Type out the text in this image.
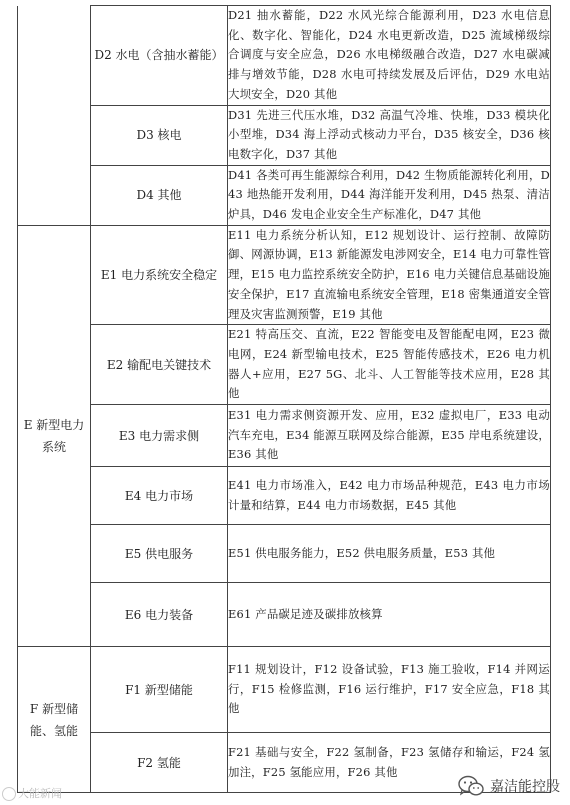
	D2 水电（含抽水蓄能）	D21 抽水蓄能，D22 水风光综合能源利用，D23 水电信息化、数字化、智能化，D24 水电更新改造，D25 流域梯级综合调度与安全应急，D26 水电梯级融合改造，D27 水电碳减排与增效节能，D28 水电可持续发展及后评估，D29 水电站大坝安全，D20 其他
	D3 核电	D31 先进三代压水堆，D32 高温气冷堆、快堆，D33 模块化小型堆，D34 海上浮动式核动力平台，D35 核安全，D36 核电数字化，D37 其他
	D4 其他	D41 各类可再生能源综合利用，D42 生物质能源转化利用，D43 地热能开发利用，D44 海洋能开发利用，D45 热泵、清洁炉具，D46 发电企业安全生产标准化，D47 其他
E 新型电力系统	E1 电力系统安全稳定	E11 电力系统分析认知，E12 规划设计、运行控制、故障防御、网源协调，E13 新能源发电涉网安全，E14 电力可靠性管理，E15 电力监控系统安全防护，E16 电力关键信息基础设施安全保护，E17 直流输电系统安全管理，E18 密集通道安全管理及灾害监测预警，E19 其他
	E2 输配电关键技术	E21 特高压交、直流，E22 智能变电及智能配电网，E23 微电网，E24 新型输电技术，E25 智能传感技术，E26 电力机器人+应用，E27 5G、北斗、人工智能等技术应用，E28 其他
	E3 电力需求侧	E31 电力需求侧资源开发、应用，E32 虚拟电厂，E33 电动汽车充电，E34 能源互联网及综合能源，E35 岸电系统建设，E36 其他
	E4 电力市场	E41 电力市场准入，E42 电力市场品种规范，E43 电力市场计量和结算，E44 电力市场数据，E45 其他
	E5 供电服务	E51 供电服务能力，E52 供电服务质量，E53 其他
	E6 电力装备	E61 产品碳足迹及碳排放核算
F 新型储能、氢能	F1 新型储能	F11 规划设计，F12 设备试验，F13 施工验收，F14 并网运行，F15 检修监测，F16 运行维护，F17 安全应急，F18 其他
	F2 氢能	F21 基础与安全，F22 氢制备，F23 氢储存和输运，F24 氢加注，F25 氢能应用，F26 其他
大能新闻	嘉洁能控股
